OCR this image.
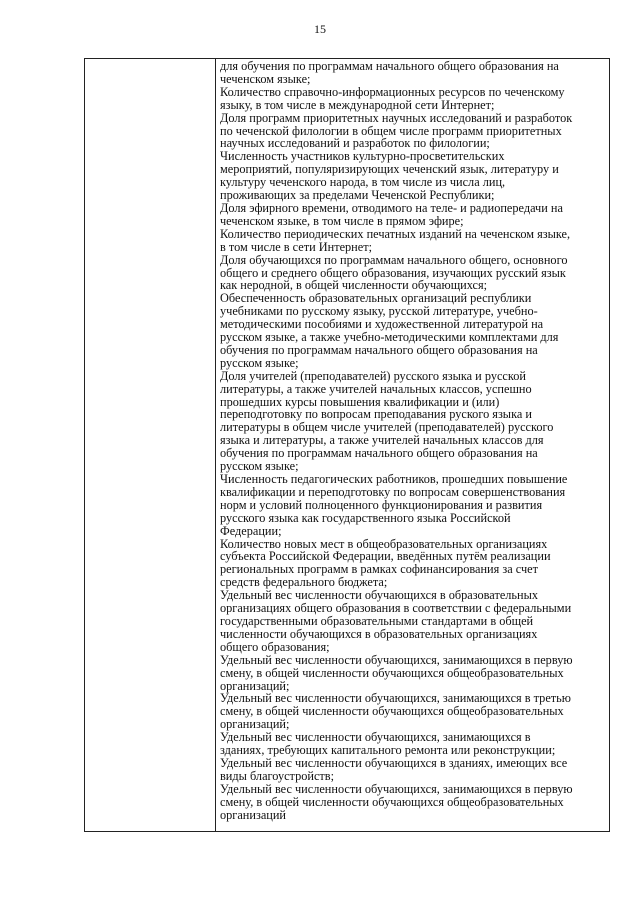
15

для обучения по программам начального общего образования на

чеченском языке;

Количество справочно-информационных ресурсов по чеченскому

языку, в том числе в международной сети Интернет;

Доля программ приоритетных научных исследований и разработок

по чеченской филологии в общем числе программ приоритетных

научных исследований и разработок по филологии;

Численность участников культурно-просветительских

мероприятий, популяризирующих чеченский язык, литературу и

культуру чеченского народа, в том числе из числа лиц,

проживающих за пределами Чеченской Республики;

Доля эфирного времени, отводимого на теле- и радиопередачи на

чеченском языке, в том числе в прямом эфире;

Количество периодических печатных изданий на чеченском языке,

в том числе в сети Интернет;

Доля обучающихся по программам начального общего, основного

общего и среднего общего образования, изучающих русский язык

как неродной, в общей численности обучающихся;

Обеспеченность образовательных организаций республики

учебниками по русскому языку, русской литературе, учебно-

методическими пособиями и художественной литературой на

русском языке, а также учебно-методическими комплектами для

обучения по программам начального общего образования на

русском языке;

Доля учителей (преподавателей) русского языка и русской

литературы, а также учителей начальных классов, успешно

прошедших курсы повышения квалификации и (или)

переподготовку по вопросам преподавания руского языка и

литературы в общем числе учителей (преподавателей) русского

языка и литературы, а также учителей начальных классов для

обучения по программам начального общего образования на

русском языке;

Численность педагогических работников, прошедших повышение

квалификации и переподготовку по вопросам совершенствования

норм и условий полноценного функционирования и развития

русского языка как государственного языка Российской

Федерации;

Количество новых мест в общеобразовательных организациях

субъекта Российской Федерации, введённых путём реализации

региональных программ в рамках софинансирования за счет

средств федерального бюджета;

Удельный вес численности обучающихся в образовательных

организациях общего образования в соответствии с федеральными

государственными образовательными стандартами в общей

численности обучающихся в образовательных организациях

общего образования;

Удельный вес численности обучающихся, занимающихся в первую

смену, в общей численности обучающихся общеобразовательных

организаций;

Удельный вес численности обучающихся, занимающихся в третью

смену, в общей численности обучающихся общеобразовательных

организаций;

Удельный вес численности обучающихся, занимающихся в

зданиях, требующих капитального ремонта или реконструкции;

Удельный вес численности обучающихся в зданиях, имеющих все

виды благоустройств;

Удельный вес численности обучающихся, занимающихся в первую

смену, в общей численности обучающихся общеобразовательных

организаций
